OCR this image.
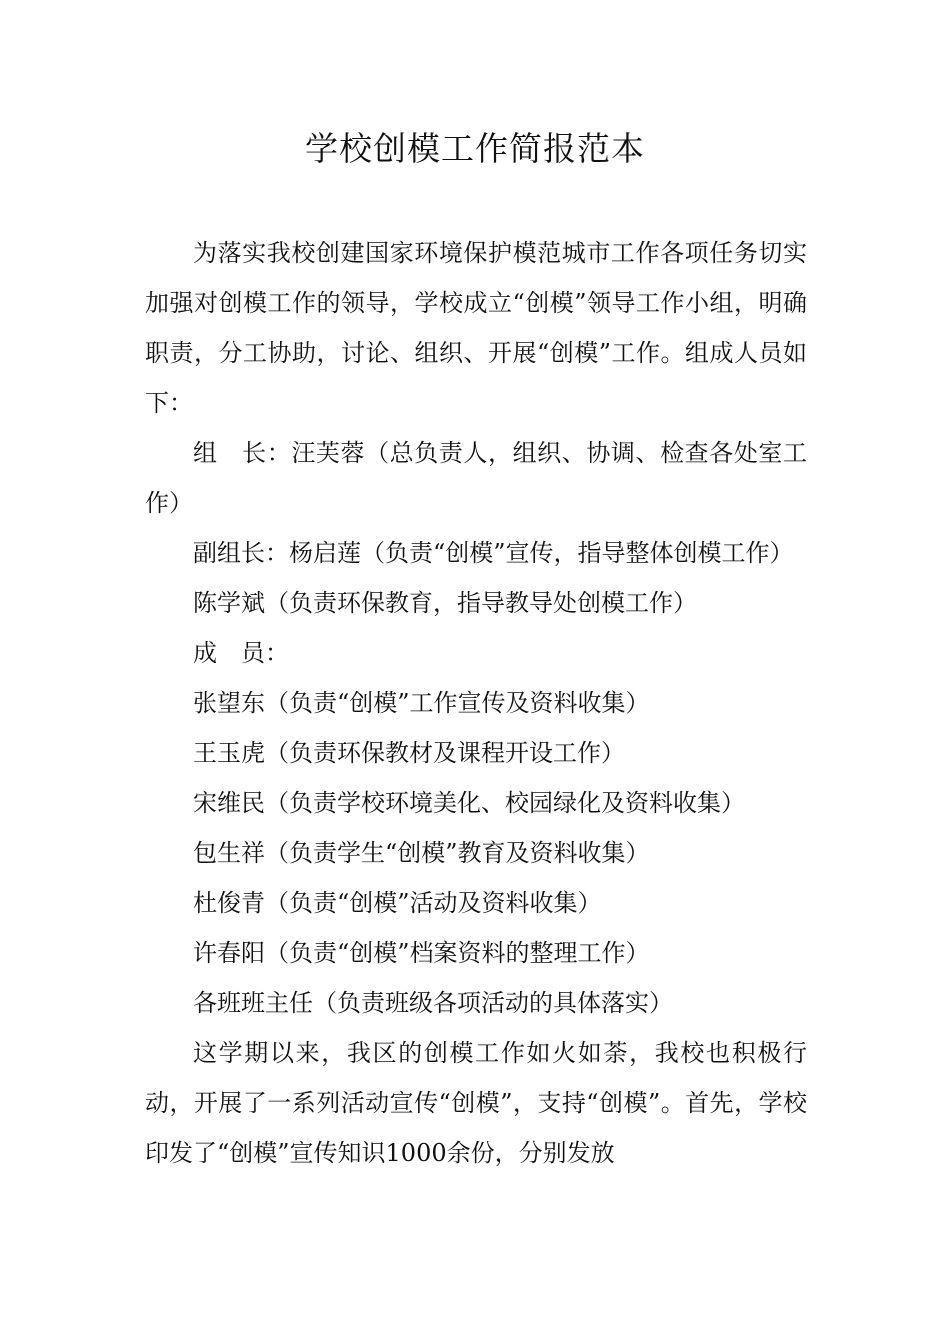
学校创模工作简报范本

为落实我校创建国家环境保护模范城市工作各项任务切实加强对创模工作的领导，学校成立“创模”领导工作小组，明确职责，分工协助，讨论、组织、开展“创模”工作。组成人员如下：

组　长：汪芙蓉（总负责人，组织、协调、检查各处室工作）

副组长：杨启莲（负责“创模”宣传，指导整体创模工作）

陈学斌（负责环保教育，指导教导处创模工作）

成　员：

张望东（负责“创模”工作宣传及资料收集）

王玉虎（负责环保教材及课程开设工作）

宋维民（负责学校环境美化、校园绿化及资料收集）

包生祥（负责学生“创模”教育及资料收集）

杜俊青（负责“创模”活动及资料收集）

许春阳（负责“创模”档案资料的整理工作）

各班班主任（负责班级各项活动的具体落实）

这学期以来，我区的创模工作如火如荼，我校也积极行动，开展了一系列活动宣传“创模”，支持“创模”。首先，学校印发了“创模”宣传知识1000余份，分别发放
